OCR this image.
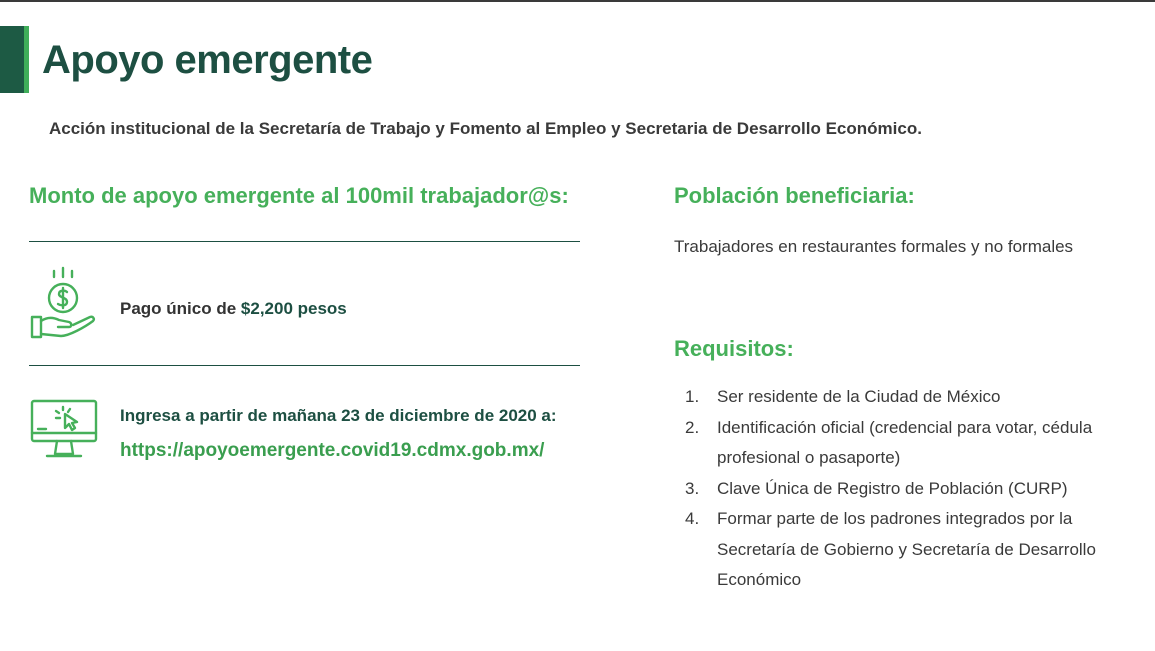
Apoyo emergente

Acción institucional de la Secretaría de Trabajo y Fomento al Empleo y Secretaria de Desarrollo Económico.

Monto de apoyo emergente al 100mil trabajador@s:

Pago único de $2,200 pesos

Ingresa a partir de mañana 23 de diciembre de 2020 a:

https://apoyoemergente.covid19.cdmx.gob.mx/
Población beneficiaria:

Trabajadores en restaurantes formales y no formales

Requisitos:
1. Ser residente de la Ciudad de México
2. Identificación oficial (credencial para votar, cédula profesional o pasaporte)
3. Clave Única de Registro de Población (CURP)
4. Formar parte de los padrones integrados por la Secretaría de Gobierno y Secretaría de Desarrollo Económico
